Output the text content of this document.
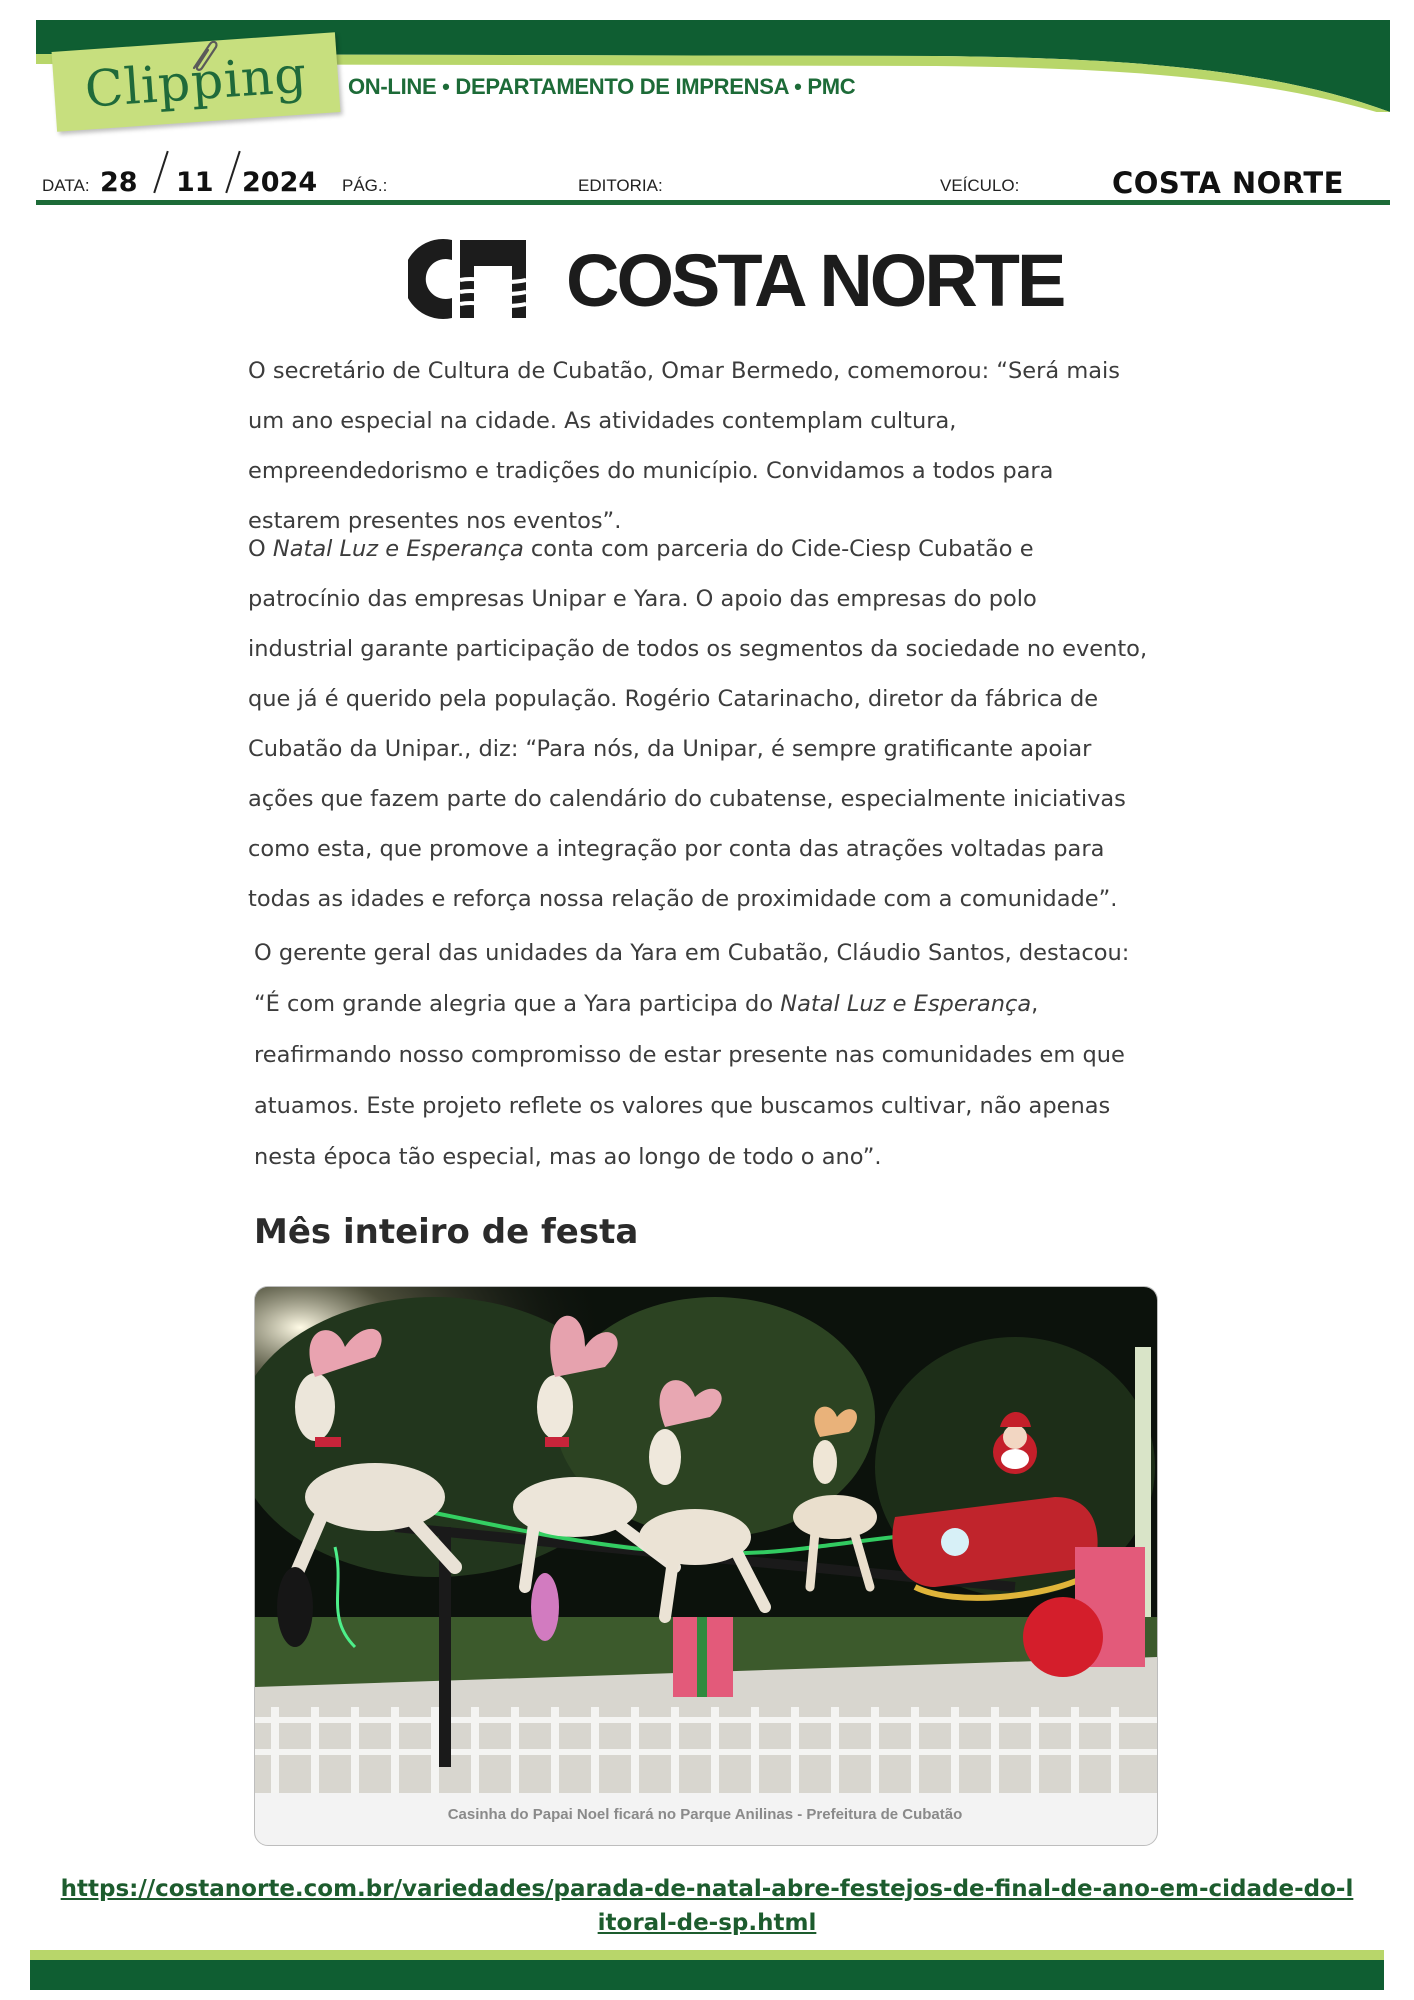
Clipping ON-LINE • DEPARTAMENTO DE IMPRENSA • PMC
DATA: 28 11 2024 PÁG.:	EDITORIA:	VEÍCULO:	COSTA NORTE
COSTA NORTE

O secretário de Cultura de Cubatão, Omar Bermedo, comemorou: “Será mais um ano especial na cidade. As atividades contemplam cultura, empreendedorismo e tradições do município. Convidamos a todos para estarem presentes nos eventos”.

O Natal Luz e Esperança conta com parceria do Cide-Ciesp Cubatão e patrocínio das empresas Unipar e Yara. O apoio das empresas do polo industrial garante participação de todos os segmentos da sociedade no evento, que já é querido pela população. Rogério Catarinacho, diretor da fábrica de Cubatão da Unipar., diz: “Para nós, da Unipar, é sempre gratificante apoiar ações que fazem parte do calendário do cubatense, especialmente iniciativas como esta, que promove a integração por conta das atrações voltadas para todas as idades e reforça nossa relação de proximidade com a comunidade”.

O gerente geral das unidades da Yara em Cubatão, Cláudio Santos, destacou: “É com grande alegria que a Yara participa do Natal Luz e Esperança, reafirmando nosso compromisso de estar presente nas comunidades em que atuamos. Este projeto reflete os valores que buscamos cultivar, não apenas nesta época tão especial, mas ao longo de todo o ano”.

Mês inteiro de festa
Casinha do Papai Noel ficará no Parque Anilinas - Prefeitura de Cubatão
https://costanorte.com.br/variedades/parada-de-natal-abre-festejos-de-final-de-ano-em-cidade-do-litoral-de-sp.html
